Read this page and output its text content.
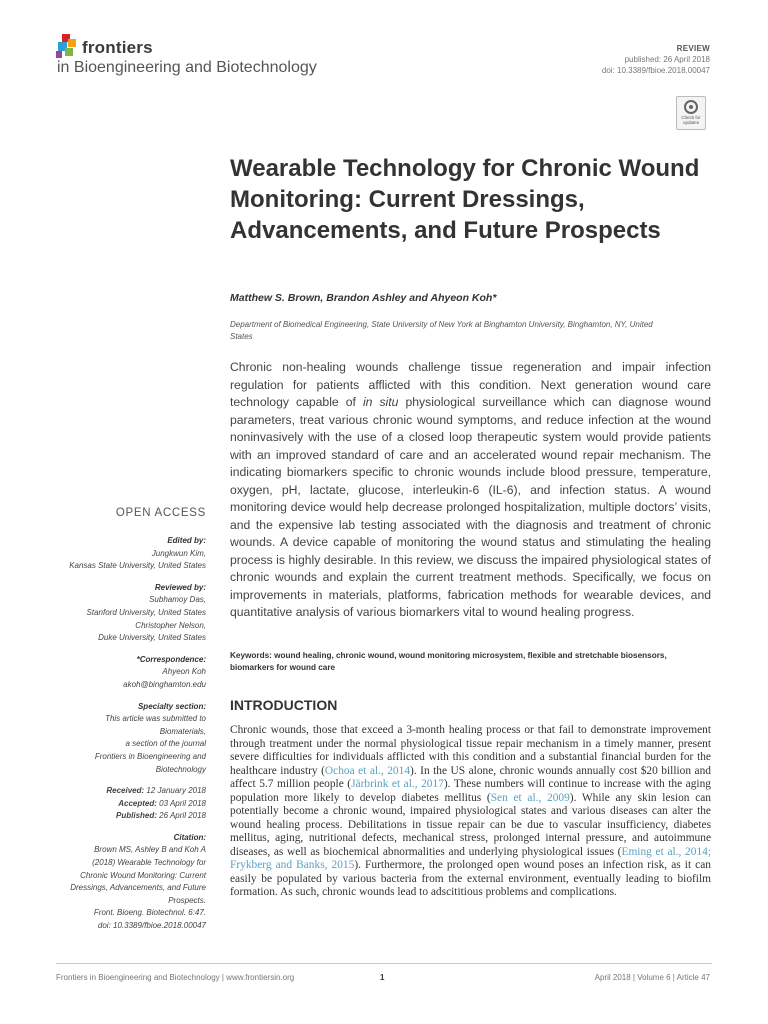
frontiers
in Bioengineering and Biotechnology
REVIEW
published: 26 April 2018
doi: 10.3389/fbioe.2018.00047
Check for updates
Wearable Technology for Chronic Wound Monitoring: Current Dressings, Advancements, and Future Prospects
Matthew S. Brown, Brandon Ashley and Ahyeon Koh*
Department of Biomedical Engineering, State University of New York at Binghamton University, Binghamton, NY, United States

Chronic non-healing wounds challenge tissue regeneration and impair infection regulation for patients afflicted with this condition. Next generation wound care technology capable of in situ physiological surveillance which can diagnose wound parameters, treat various chronic wound symptoms, and reduce infection at the wound noninvasively with the use of a closed loop therapeutic system would provide patients with an improved standard of care and an accelerated wound repair mechanism. The indicating biomarkers specific to chronic wounds include blood pressure, temperature, oxygen, pH, lactate, glucose, interleukin-6 (IL-6), and infection status. A wound monitoring device would help decrease prolonged hospitalization, multiple doctors’ visits, and the expensive lab testing associated with the diagnosis and treatment of chronic wounds. A device capable of monitoring the wound status and stimulating the healing process is highly desirable. In this review, we discuss the impaired physiological states of chronic wounds and explain the current treatment methods. Specifically, we focus on improvements in materials, platforms, fabrication methods for wearable devices, and quantitative analysis of various biomarkers vital to wound healing progress.

Keywords: wound healing, chronic wound, wound monitoring microsystem, flexible and stretchable biosensors, biomarkers for wound care
OPEN ACCESS
Edited by:
Jungkwun Kim,
Kansas State University, United States
Reviewed by:
Subhamoy Das,
Stanford University, United States
Christopher Nelson,
Duke University, United States
*Correspondence:
Ahyeon Koh
akoh@binghamton.edu
Specialty section:
This article was submitted to
Biomaterials,
a section of the journal
Frontiers in Bioengineering and
Biotechnology
Received: 12 January 2018
Accepted: 03 April 2018
Published: 26 April 2018
Citation:
Brown MS, Ashley B and Koh A
(2018) Wearable Technology for
Chronic Wound Monitoring: Current
Dressings, Advancements, and Future
Prospects.
Front. Bioeng. Biotechnol. 6:47.
doi: 10.3389/fbioe.2018.00047
INTRODUCTION

Chronic wounds, those that exceed a 3-month healing process or that fail to demonstrate improvement through treatment under the normal physiological tissue repair mechanism in a timely manner, present severe difficulties for individuals afflicted with this condition and a substantial financial burden for the healthcare industry (Ochoa et al., 2014). In the US alone, chronic wounds annually cost $20 billion and affect 5.7 million people (Järbrink et al., 2017). These numbers will continue to increase with the aging population more likely to develop diabetes mellitus (Sen et al., 2009). While any skin lesion can potentially become a chronic wound, impaired physiological states and various diseases can alter the wound healing process. Debilitations in tissue repair can be due to vascular insufficiency, diabetes mellitus, aging, nutritional defects, mechanical stress, prolonged internal pressure, and autoimmune diseases, as well as biochemical abnormalities and underlying physiological issues (Eming et al., 2014; Frykberg and Banks, 2015). Furthermore, the prolonged open wound poses an infection risk, as it can easily be populated by various bacteria from the external environment, eventually leading to biofilm formation. As such, chronic wounds lead to adscititious problems and complications.

Frontiers in Bioengineering and Biotechnology | www.frontiersin.org	1	April 2018 | Volume 6 | Article 47
